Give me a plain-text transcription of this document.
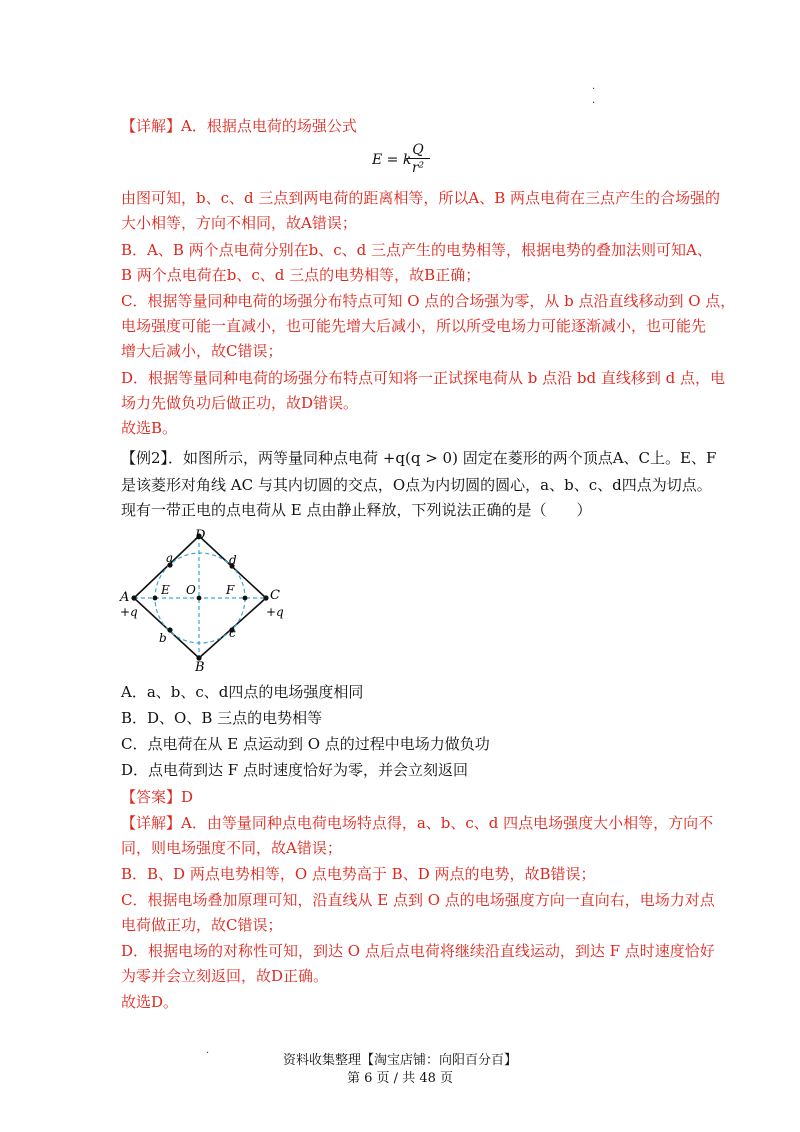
·
·
【详解】A．根据点电荷的场强公式
E = k
$\frac{Q}{\text{r²}}$
由图可知，b、c、d 三点到两电荷的距离相等，所以A、B 两点电荷在三点产生的合场强的
大小相等，方向不相同，故A错误；
B．A、B 两个点电荷分别在b、c、d 三点产生的电势相等，根据电势的叠加法则可知A、
B 两个点电荷在b、c、d 三点的电势相等，故B正确；
C．根据等量同种电荷的场强分布特点可知 O 点的合场强为零，从 b 点沿直线移动到 O 点，
电场强度可能一直减小，也可能先增大后减小，所以所受电场力可能逐渐减小，也可能先
增大后减小，故C错误；
D．根据等量同种电荷的场强分布特点可知将一正试探电荷从 b 点沿 bd 直线移到 d 点，电
场力先做负功后做正功，故D错误。
故选B。
【例2】．如图所示，两等量同种点电荷 +q(q > 0) 固定在菱形的两个顶点A、C上。E、F
是该菱形对角线 AC 与其内切圆的交点，O点为内切圆的圆心，a、b、c、d四点为切点。
现有一带正电的点电荷从 E 点由静止释放，下列说法正确的是（　　）
A
+q
C
+q
D
B
E O	F
a	d
b	c
A．a、b、c、d四点的电场强度相同
B．D、O、B 三点的电势相等
C．点电荷在从 E 点运动到 O 点的过程中电场力做负功
D．点电荷到达 F 点时速度恰好为零，并会立刻返回
【答案】D
【详解】A．由等量同种点电荷电场特点得，a、b、c、d 四点电场强度大小相等，方向不
同，则电场强度不同，故A错误；
B．B、D 两点电势相等，O 点电势高于 B、D 两点的电势，故B错误；
C．根据电场叠加原理可知，沿直线从 E 点到 O 点的电场强度方向一直向右，电场力对点
电荷做正功，故C错误；
D．根据电场的对称性可知，到达 O 点后点电荷将继续沿直线运动，到达 F 点时速度恰好
为零并会立刻返回，故D正确。
故选D。
·	资料收集整理【淘宝店铺：向阳百分百】
第 6 页 / 共 48 页
